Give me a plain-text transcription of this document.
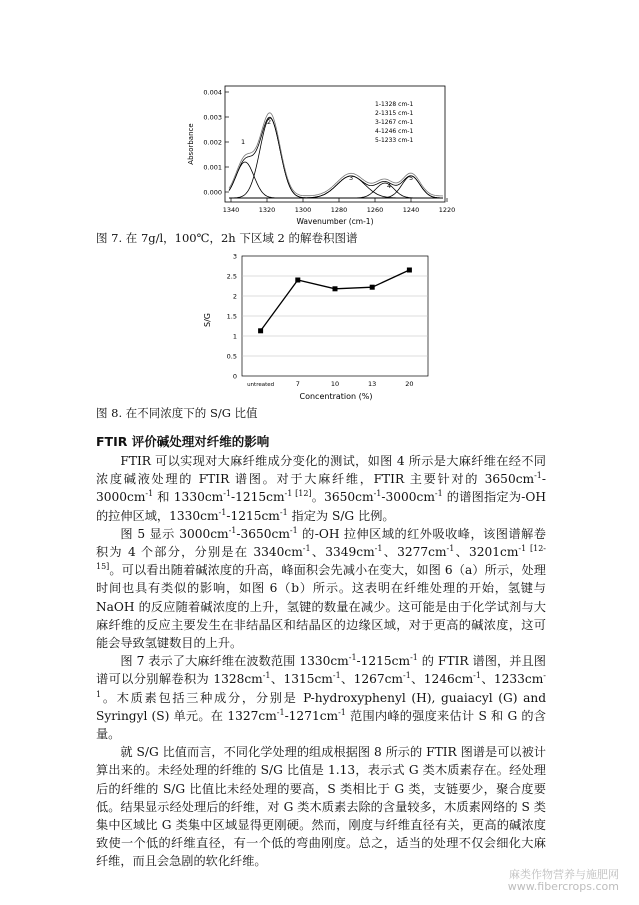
0.004
0.003
0.002
0.001
0.000
1340	1320	1300	1280	1260	1240	1220
Absorbance
Wavenumber (cm-1)
1-1328 cm-1
2-1315 cm-1
3-1267 cm-1
4-1246 cm-1
5-1233 cm-1
1
2
3
4
5
图 7. 在 7g/l，100℃，2h 下区域 2 的解卷积图谱
S/G
Concentration (%)
0
0.5
1
1.5
2
2.5
3
untreated	7	10	13	20
图 8. 在不同浓度下的 S/G 比值
FTIR 评价碱处理对纤维的影响

FTIR 可以实现对大麻纤维成分变化的测试，如图 4 所示是大麻纤维在经不同浓度碱液处理的 FTIR 谱图。对于大麻纤维，FTIR 主要针对的 $3650cm^{-1}-3000cm^{-1}$ 和 $1330cm^{-1}-1215cm^{-1 [12]}$。$3650cm^{-1}-3000cm^{-1}$ 的谱图指定为-OH 的拉伸区域，$1330cm^{-1}-1215cm^{-1}$ 指定为 S/G 比例。

图 5 显示 $3000cm^{-1}-3650cm^{-1}$ 的-OH 拉伸区域的红外吸收峰，该图谱解卷积为 4 个部分，分别是在 $3340cm^{-1}$、$3349cm^{-1}$、$3277cm^{-1}$、$3201cm^{-1 [12-15]}$。可以看出随着碱浓度的升高，峰面积会先减小在变大，如图 6（a）所示，处理时间也具有类似的影响，如图 6（b）所示。这表明在纤维处理的开始，氢键与 NaOH 的反应随着碱浓度的上升，氢键的数量在减少。这可能是由于化学试剂与大麻纤维的反应主要发生在非结晶区和结晶区的边缘区域，对于更高的碱浓度，这可能会导致氢键数目的上升。

图 7 表示了大麻纤维在波数范围 $1330cm^{-1}-1215cm^{-1}$ 的 FTIR 谱图，并且图谱可以分别解卷积为 $1328cm^{-1}$、$1315cm^{-1}$、$1267cm^{-1}$、$1246cm^{-1}$、$1233cm^{-1}$。木质素包括三种成分，分别是 P-hydroxyphenyl (H), guaiacyl (G) and Syringyl (S) 单元。在 $1327cm^{-1}-1271cm^{-1}$ 范围内峰的强度来估计 S 和 G 的含量。

就 S/G 比值而言，不同化学处理的组成根据图 8 所示的 FTIR 图谱是可以被计算出来的。未经处理的纤维的 S/G 比值是 1.13，表示式 G 类木质素存在。经处理后的纤维的 S/G 比值比未经处理的要高，S 类相比于 G 类，支链要少，聚合度要低。结果显示经处理后的纤维，对 G 类木质素去除的含量较多，木质素网络的 S 类集中区域比 G 类集中区域显得更刚硬。然而，刚度与纤维直径有关，更高的碱浓度致使一个低的纤维直径，有一个低的弯曲刚度。总之，适当的处理不仅会细化大麻纤维，而且会急剧的软化纤维。

麻类作物营养与施肥网
www.fibercrops.com
